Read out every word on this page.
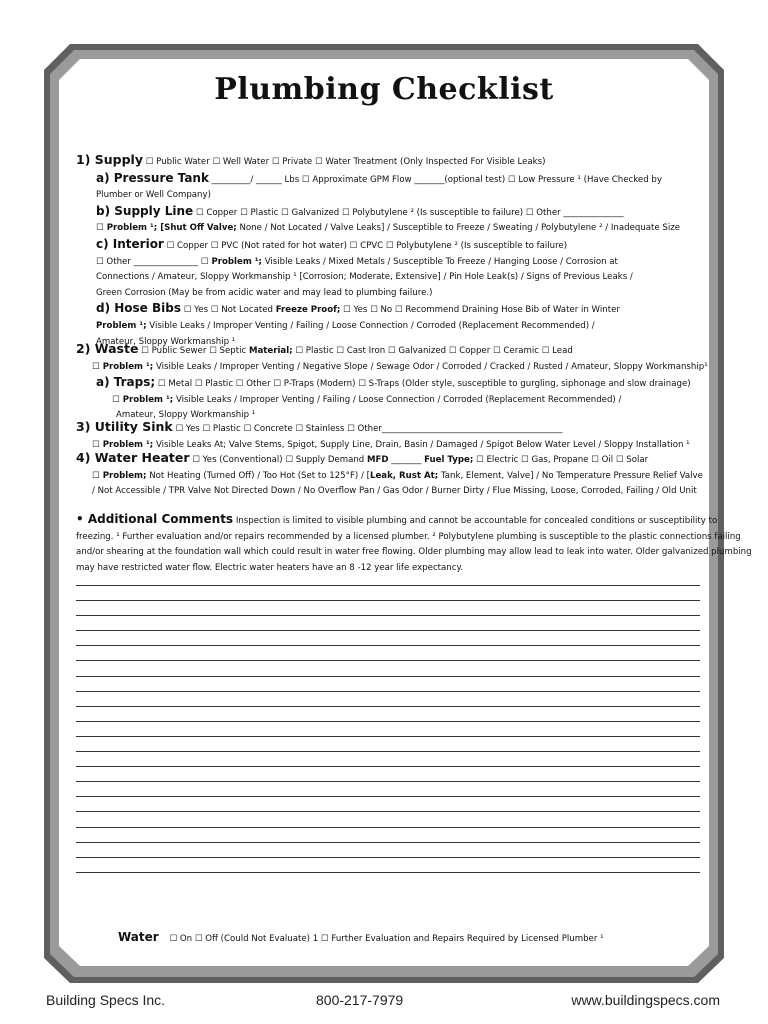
Plumbing Checklist
1) Supply ☐ Public Water ☐ Well Water ☐ Private ☐ Water Treatment (Only Inspected For Visible Leaks)
a) Pressure Tank _________/ ______ Lbs ☐ Approximate GPM Flow _______(optional test) ☐ Low Pressure ¹ (Have Checked by
Plumber or Well Company)
b) Supply Line ☐ Copper ☐ Plastic ☐ Galvanized ☐ Polybutylene ² (Is susceptible to failure) ☐ Other ______________
☐ Problem ¹; [Shut Off Valve; None / Not Located / Valve Leaks] / Susceptible to Freeze / Sweating / Polybutylene ² / Inadequate Size
c) Interior ☐ Copper ☐ PVC (Not rated for hot water) ☐ CPVC ☐ Polybutylene ² (Is susceptible to failure)
☐ Other _______________ ☐ Problem ¹; Visible Leaks / Mixed Metals / Susceptible To Freeze / Hanging Loose / Corrosion at
Connections / Amateur, Sloppy Workmanship ¹ [Corrosion; Moderate, Extensive] / Pin Hole Leak(s) / Signs of Previous Leaks /
Green Corrosion (May be from acidic water and may lead to plumbing failure.)
d) Hose Bibs ☐ Yes ☐ Not Located Freeze Proof; ☐ Yes ☐ No ☐ Recommend Draining Hose Bib of Water in Winter
Problem ¹; Visible Leaks / Improper Venting / Failing / Loose Connection / Corroded (Replacement Recommended) /
Amateur, Sloppy Workmanship ¹
2) Waste ☐ Public Sewer ☐ Septic Material; ☐ Plastic ☐ Cast Iron ☐ Galvanized ☐ Copper ☐ Ceramic ☐ Lead
☐ Problem ¹; Visible Leaks / Improper Venting / Negative Slope / Sewage Odor / Corroded / Cracked / Rusted / Amateur, Sloppy Workmanship¹
a) Traps; ☐ Metal ☐ Plastic ☐ Other ☐ P-Traps (Modern) ☐ S-Traps (Older style, susceptible to gurgling, siphonage and slow drainage)
☐ Problem ¹; Visible Leaks / Improper Venting / Failing / Loose Connection / Corroded (Replacement Recommended) /
Amateur, Sloppy Workmanship ¹
3) Utility Sink ☐ Yes ☐ Plastic ☐ Concrete ☐ Stainless ☐ Other__________________________________________
☐ Problem ¹; Visible Leaks At; Valve Stems, Spigot, Supply Line, Drain, Basin / Damaged / Spigot Below Water Level / Sloppy Installation ¹
4) Water Heater ☐ Yes (Conventional) ☐ Supply Demand MFD _______ Fuel Type; ☐ Electric ☐ Gas, Propane ☐ Oil ☐ Solar
☐ Problem; Not Heating (Turned Off) / Too Hot (Set to 125°F) / [Leak, Rust At; Tank, Element, Valve] / No Temperature Pressure Relief Valve
/ Not Accessible / TPR Valve Not Directed Down / No Overflow Pan / Gas Odor / Burner Dirty / Flue Missing, Loose, Corroded, Failing / Old Unit
• Additional Comments Inspection is limited to visible plumbing and cannot be accountable for concealed conditions or susceptibility to
freezing. ¹ Further evaluation and/or repairs recommended by a licensed plumber. ² Polybutylene plumbing is susceptible to the plastic connections failing
and/or shearing at the foundation wall which could result in water free flowing. Older plumbing may allow lead to leak into water. Older galvanized plumbing
may have restricted water flow. Electric water heaters have an 8 -12 year life expectancy.
Water ☐ On ☐ Off (Could Not Evaluate) 1 ☐ Further Evaluation and Repairs Required by Licensed Plumber ¹
Building Specs Inc.	800-217-7979	www.buildingspecs.com
